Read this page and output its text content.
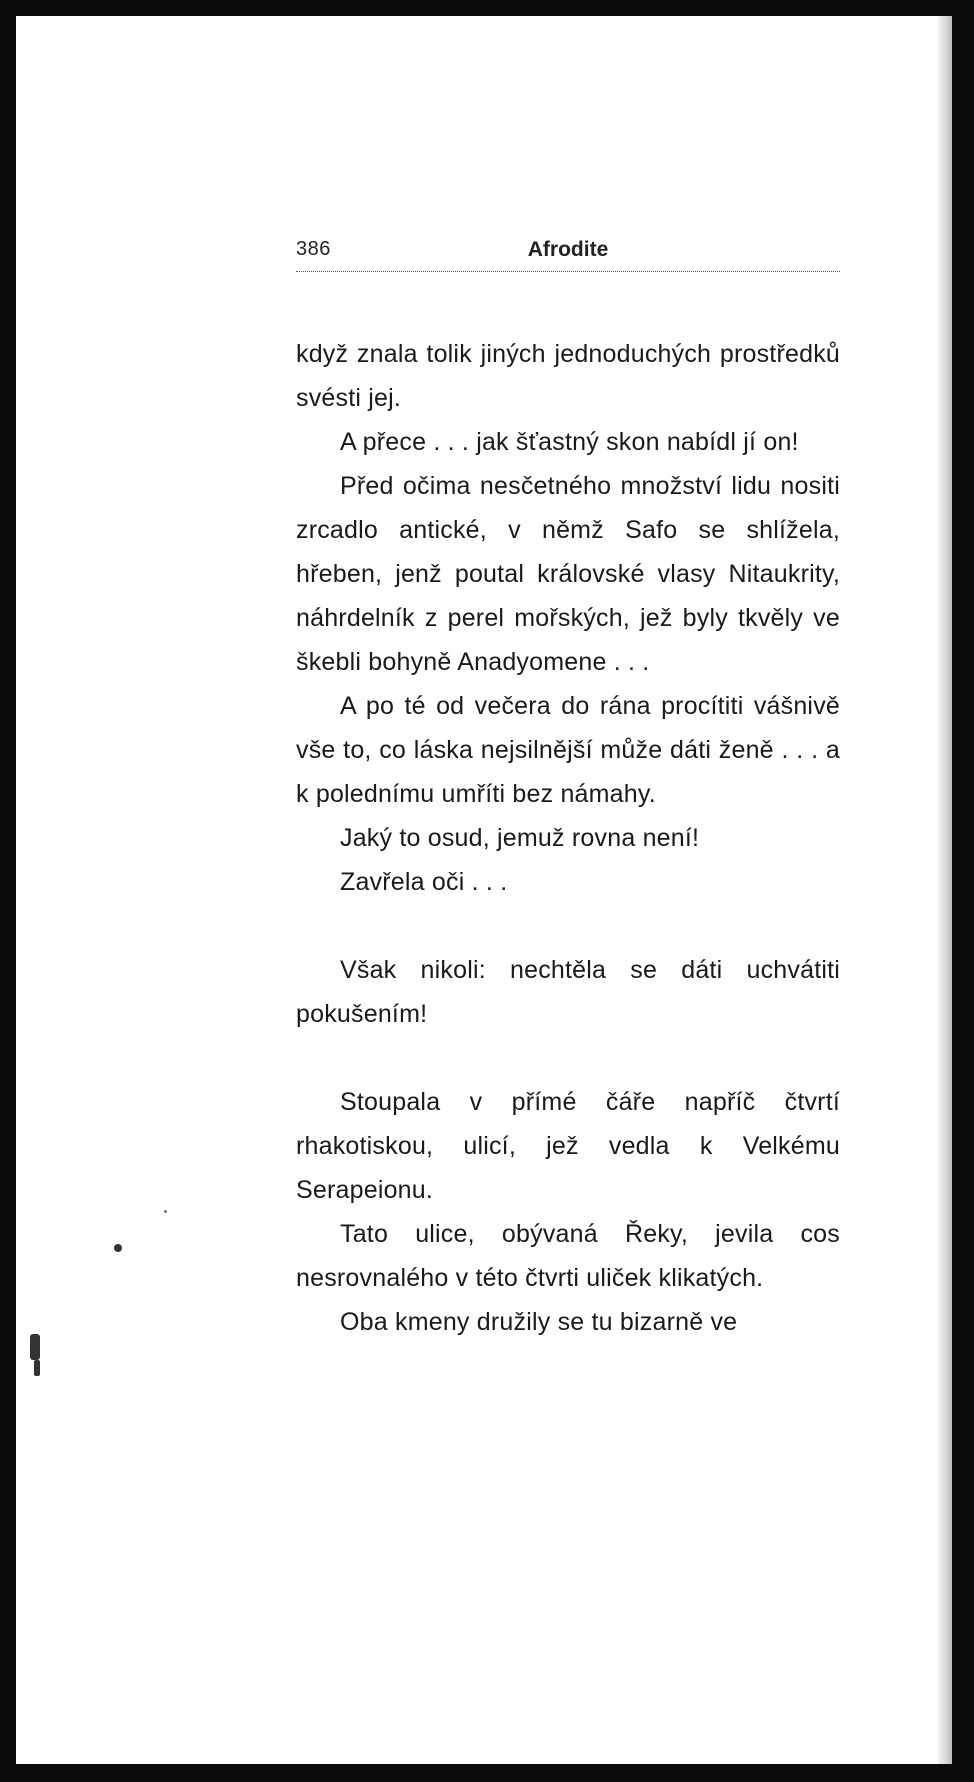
386	Afrodite

když znala tolik jiných jednoduchých prostředků svésti jej.

A přece . . . jak šťastný skon nabídl jí on!

Před očima nesčetného množství lidu nositi zrcadlo antické, v němž Safo se shlížela, hřeben, jenž poutal královské vlasy Nitaukrity, náhrdelník z perel mořských, jež byly tkvěly ve škebli bohyně Anadyomene . . .

A po té od večera do rána procítiti vášnivě vše to, co láska nejsilnější může dáti ženě . . . a k polednímu umříti bez námahy.

Jaký to osud, jemuž rovna není!

Zavřela oči . . .

Však nikoli: nechtěla se dáti uchvátiti pokušením!

Stoupala v přímé čáře napříč čtvrtí rhakotiskou, ulicí, jež vedla k Velkému Serapeionu.

Tato ulice, obývaná Řeky, jevila cos nesrovnalého v této čtvrti uliček klikatých.

Oba kmeny družily se tu bizarně ve
